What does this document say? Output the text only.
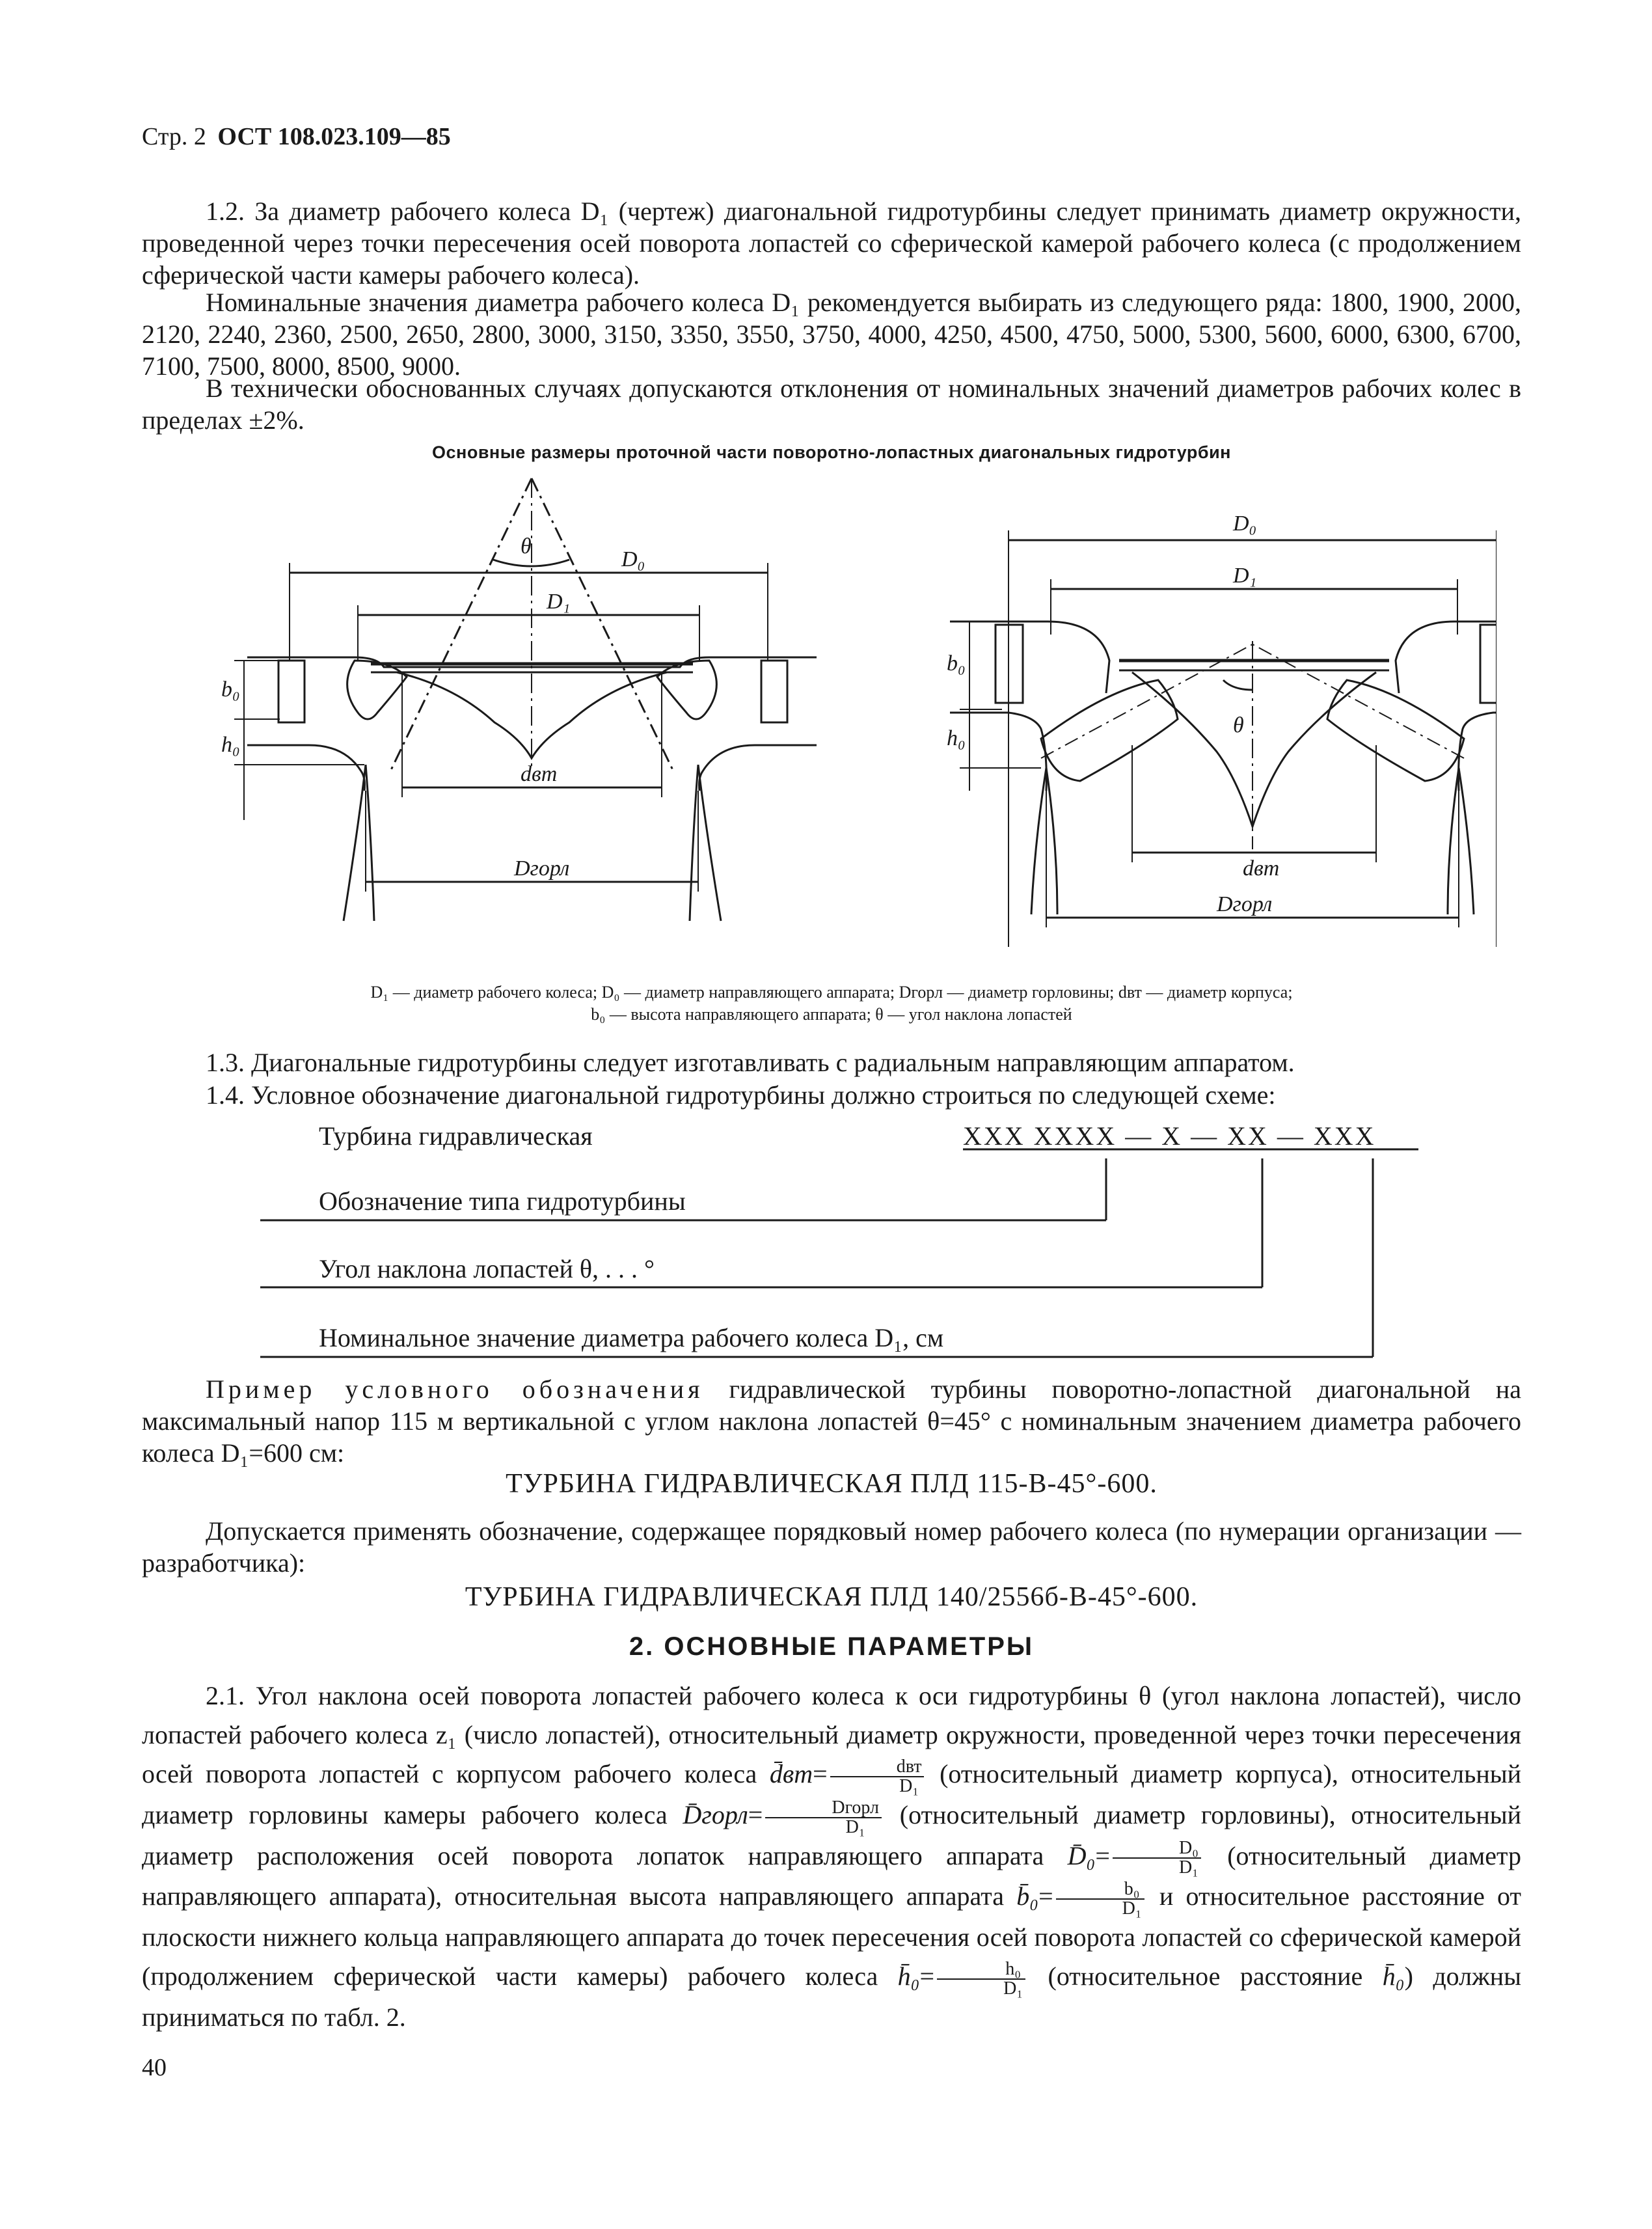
Стр. 2 ОСТ 108.023.109—85
1.2. За диаметр рабочего колеса D₁ (чертеж) диагональной гидротурбины следует принимать диаметр окружности, проведенной через точки пересечения осей поворота лопастей со сферической камерой рабочего колеса (с продолжением сферической части камеры рабочего колеса).
Номинальные значения диаметра рабочего колеса D₁ рекомендуется выбирать из следующего ряда: 1800, 1900, 2000, 2120, 2240, 2360, 2500, 2650, 2800, 3000, 3150, 3350, 3550, 3750, 4000, 4250, 4500, 4750, 5000, 5300, 5600, 6000, 6300, 6700, 7100, 7500, 8000, 8500, 9000.
В технически обоснованных случаях допускаются отклонения от номинальных значений диаметров рабочих колес в пределах ±2%.
Основные размеры проточной части поворотно-лопастных диагональных гидротурбин
θ
D₀
D₁
b₀
h₀
dвт
Dгорл
D₀
D₁
b₀
h₀
θ
dвт
Dгорл
D₁ — диаметр рабочего колеса; D₀ — диаметр направляющего аппарата; Dгорл — диаметр горловины; dвт — диаметр корпуса;
b₀ — высота направляющего аппарата; θ — угол наклона лопастей
1.3. Диагональные гидротурбины следует изготавливать с радиальным направляющим аппаратом.
1.4. Условное обозначение диагональной гидротурбины должно строиться по следующей схеме:
Турбина гидравлическая	ХХХ ХХХХ — Х — ХХ — ХХХ
Обозначение типа гидротурбины
Угол наклона лопастей θ, . . . °
Номинальное значение диаметра рабочего колеса D₁, см
Пример условного обозначения гидравлической турбины поворотно-лопастной диагональной на максимальный напор 115 м вертикальной с углом наклона лопастей θ=45° с номинальным значением диаметра рабочего колеса D₁=600 см:
ТУРБИНА ГИДРАВЛИЧЕСКАЯ ПЛД 115-В-45°-600.
Допускается применять обозначение, содержащее порядковый номер рабочего колеса (по нумерации организации — разработчика):
ТУРБИНА ГИДРАВЛИЧЕСКАЯ ПЛД 140/2556б-В-45°-600.
2. ОСНОВНЫЕ ПАРАМЕТРЫ
2.1. Угол наклона осей поворота лопастей рабочего колеса к оси гидротурбины θ (угол наклона лопастей), число лопастей рабочего колеса z₁ (число лопастей), относительный диаметр окружности, проведенной через точки пересечения осей поворота лопастей с корпусом рабочего колеса d̄вт= $\frac{\text{dвт}}{\text{D₁}}$ (относительный диаметр корпуса), относительный диаметр горловины камеры рабочего колеса D̄горл= $\frac{\text{Dгорл}}{\text{D₁}}$ (относительный диаметр горловины), относительный диаметр расположения осей поворота лопаток направляющего аппарата D̄₀= $\frac{\text{D₀}}{\text{D₁}}$ (относительный диаметр направляющего аппарата), относительная высота направляющего аппарата b̄₀= $\frac{\text{b₀}}{\text{D₁}}$ и относительное расстояние от плоскости нижнего кольца направляющего аппарата до точек пересечения осей поворота лопастей со сферической камерой (продолжением сферической части камеры) рабочего колеса h̄₀= $\frac{\text{h₀}}{\text{D₁}}$ (относительное расстояние h̄₀) должны приниматься по табл. 2.
40
